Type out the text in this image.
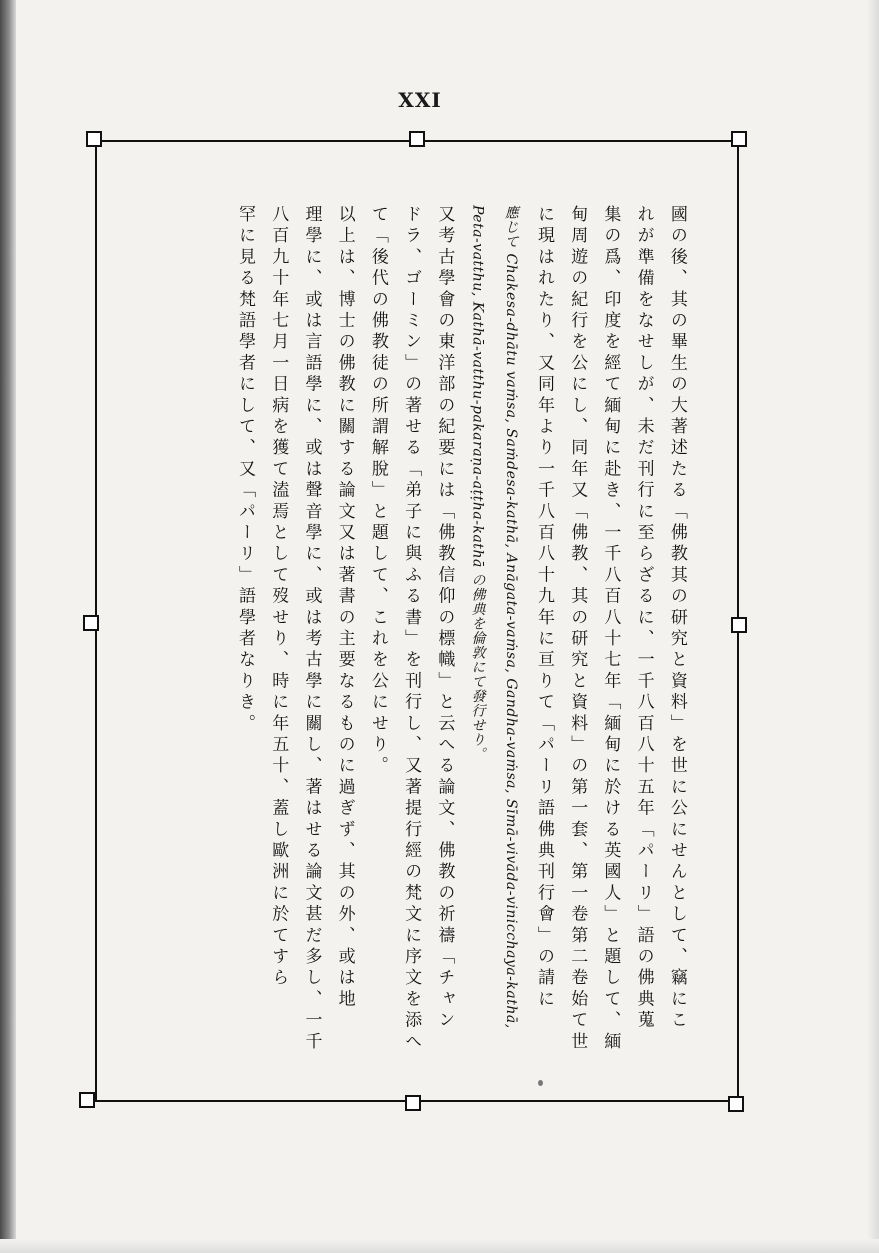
XXI
國の後、其の畢生の大著述たる「佛教其の研究と資料」を世に公にせんとして、竊にこ
れが準備をなせしが、未だ刊行に至らざるに、一千八百八十五年「パーリ」語の佛典蒐
集の爲、印度を經て緬甸に赴き、一千八百八十七年「緬甸に於ける英國人」と題して、緬
甸周遊の紀行を公にし、同年又「佛教、其の研究と資料」の第一套、第一卷第二卷始て世
に現はれたり、又同年より一千八百八十九年に亘りて「パーリ語佛典刊行會」の請に
應じて Chakesa-dhātu vaṁsa, Saṁdesa-kathā, Anāgata-vaṁsa, Gandha-vaṁsa, Sīmā-vivāda-vinicchaya-kathā,
Peta-vatthu, Kathā-vatthu-pakaraṇa-aṭṭha-kathā の佛典を倫敦にて發行せり。
又考古學會の東洋部の紀要には「佛教信仰の標幟」と云へる論文、佛教の祈禱「チャン
ドラ、ゴーミン」の著せる「弟子に與ふる書」を刊行し、又著提行經の梵文に序文を添へ
て「後代の佛教徒の所謂解脫」と題して、これを公にせり。
以上は、博士の佛教に關する論文又は著書の主要なるものに過ぎず、其の外、或は地
理學に、或は言語學に、或は聲音學に、或は考古學に關し、著はせる論文甚だ多し、一千
八百九十年七月一日病を獲て溘焉として歿せり、時に年五十、蓋し歐洲に於てすら
罕に見る梵語學者にして、又「パーリ」語學者なりき。
